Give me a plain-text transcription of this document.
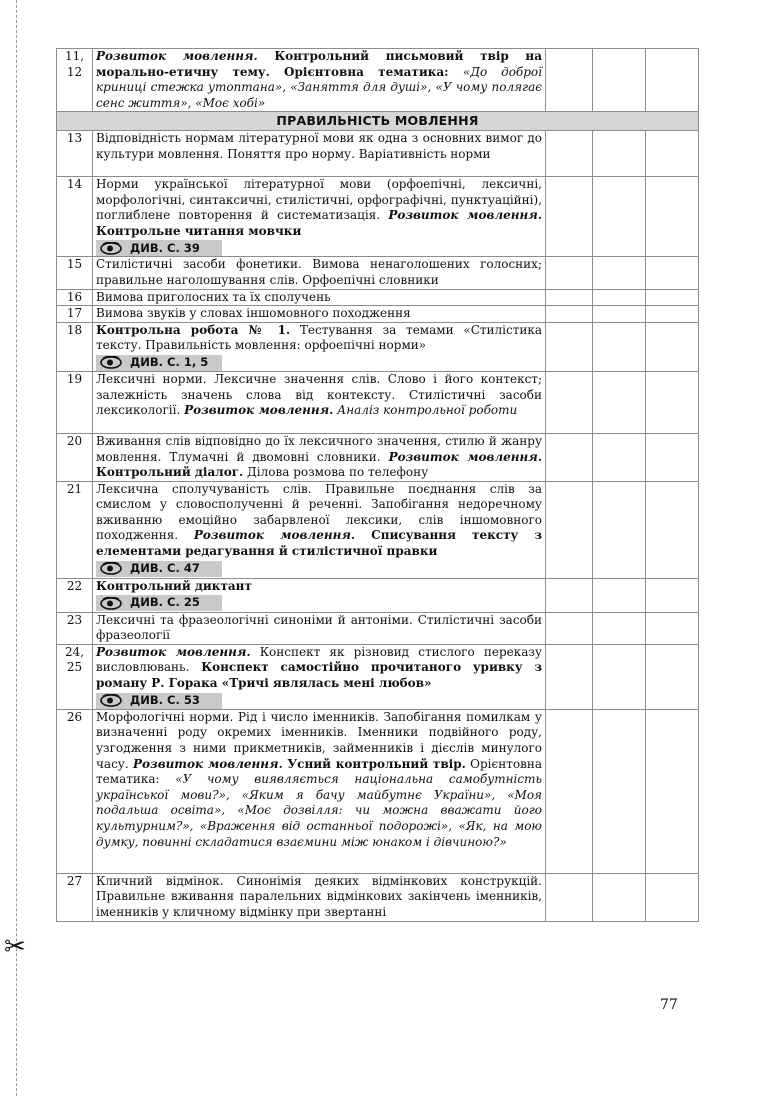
✂
11,
12	Розвиток мовлення. Контрольний письмовий твір на морально-етичну тему. Орієнтовна тематика: «До доброї криниці стежка утоптана», «Заняття для душі», «У чому полягає сенс життя», «Моє хобі»			
ПРАВИЛЬНІСТЬ МОВЛЕННЯ				
13	Відповідність нормам літературної мови як одна з основних вимог до культури мовлення. Поняття про норму. Варіативність норми			
14	Норми української літературної мови (орфоепічні, лексичні, морфологічні, синтаксичні, стилістичні, орфографічні, пунктуаційні), поглиблене повторення й систематизація. Розвиток мовлення. Контрольне читання мовчки
ДИВ. С. 39			

15	Стилістичні засоби фонетики. Вимова ненаголошених голосних; правильне наголошування слів. Орфоепічні словники			
16	Вимова приголосних та їх сполучень			
17	Вимова звуків у словах іншомовного походження			
18	Контрольна робота № 1. Тестування за темами «Стилістика тексту. Правильність мовлення: орфоепічні норми»
ДИВ. С. 1, 5			

19	Лексичні норми. Лексичне значення слів. Слово і його контекст; залежність значень слова від контексту. Стилістичні засоби лексикології. Розвиток мовлення. Аналіз контрольної роботи			
20	Вживання слів відповідно до їх лексичного значення, стилю й жанру мовлення. Тлумачні й двомовні словники. Розвиток мовлення. Контрольний діалог. Ділова розмова по телефону			
21	Лексична сполучуваність слів. Правильне поєднання слів за смислом у словосполученні й реченні. Запобігання недоречному вживанню емоційно забарвленої лексики, слів іншомовного походження. Розвиток мовлення. Списування тексту з елементами редагування й стилістичної правки
ДИВ. С. 47			

22	Контрольний диктант
ДИВ. С. 25			

23	Лексичні та фразеологічні синоніми й антоніми. Стилістичні засоби фразеології			
24,
25	Розвиток мовлення. Конспект як різновид стислого переказу висловлювань. Конспект самостійно прочитаного уривку з роману Р. Горака «Тричі являлась мені любов»
ДИВ. С. 53			

26	Морфологічні норми. Рід і число іменників. Запобігання помилкам у визначенні роду окремих іменників. Іменники подвійного роду, узгодження з ними прикметників, займенників і дієслів минулого часу. Розвиток мовлення. Усний контрольний твір. Орієнтовна тематика: «У чому виявляється національна самобутність української мови?», «Яким я бачу майбутнє України», «Моя подальша освіта», «Моє дозвілля: чи можна вважати його культурним?», «Враження від останньої подорожі», «Як, на мою думку, повинні складатися взаємини між юнаком і дівчиною?»			
27	Кличний відмінок. Синонімія деяких відмінкових конструкцій. Правильне вживання паралельних відмінкових закінчень іменників, іменників у кличному відмінку при звертанні			
77
